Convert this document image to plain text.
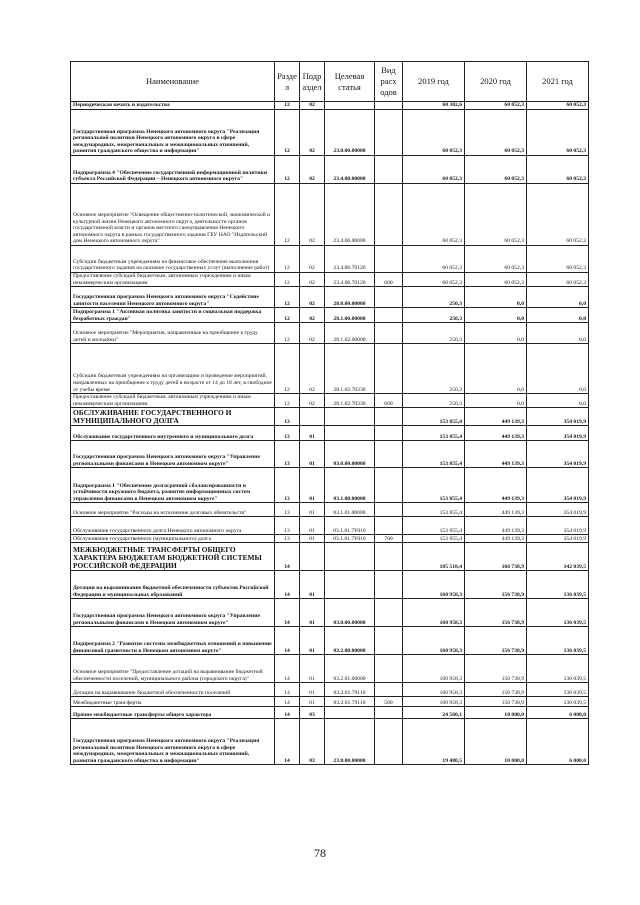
Наименование	Разде л	Подр аздел	Целевая статья	Вид расх одов	2019 год	2020 год	2021 год
Периодическая печать и издательства	12	02			60 302,6	60 052,3	60 052,3
Государственная программа Ненецкого автономного округа "Реализация региональной политики Ненецкого автономного округа в сфере международных, межрегиональных и межнациональных отношений, развития гражданского общества и информации"	12	02	23.0.00.00000		60 052,3	60 052,3	60 052,3
Подпрограмма 4 "Обеспечение государственной информационной политики субъекта Российской Федерации – Ненецкого автономного округа"	12	02	23.4.00.00000		60 052,3	60 052,3	60 052,3
Основное мероприятие "Освещение общественно-политической, экономической и культурной жизни Ненецкого автономного округа, деятельности органов государственной власти и органов местного самоуправления Ненецкого автономного округа в рамках государственного задания ГБУ НАО "Издательский дом Ненецкого автономного округа"	12	02	23.4.06.00000		60 052,3	60 052,3	60 052,3
Субсидии бюджетным учреждениям на финансовое обеспечение выполнения государственного задания на оказание государственных услуг (выполнение работ)	12	02	23.4.06.70120		60 052,3	60 052,3	60 052,3
Предоставление субсидий бюджетным, автономным учреждениям и иным некоммерческим организациям	12	02	23.4.06.70120	600	60 052,3	60 052,3	60 052,3
Государственная программа Ненецкого автономного округа "Содействие занятости населения Ненецкого автономного округа"	12	02	28.0.00.00000		250,3	0,0	0,0
Подпрограмма 1 "Активная политика занятости и социальная поддержка безработных граждан"	12	02	28.1.00.00000		250,3	0,0	0,0
Основное мероприятие "Мероприятия, направленные на приобщение к труду детей и молодёжи"	12	02	28.1.02.00000		250,3	0,0	0,0
Субсидии бюджетным учреждениям на организацию и проведение мероприятий, направленных на приобщение к труду детей в возрасте от 14 до 18 лет, в свободное от учебы время	12	02	28.1.02.70330		250,3	0,0	0,0
Предоставление субсидий бюджетным, автономным учреждениям и иным некоммерческим организациям	12	02	28.1.02.70330	600	250,3	0,0	0,0
ОБСЛУЖИВАНИЕ ГОСУДАРСТВЕННОГО И МУНИЦИПАЛЬНОГО ДОЛГА	13				153 855,4	449 139,3	354 019,9
Обслуживание государственного внутреннего и муниципального долга	13	01			153 855,4	449 139,3	354 019,9
Государственная программа Ненецкого автономного округа "Управление региональными финансами в Ненецком автономном округе"	13	01	03.0.00.00000		153 855,4	449 139,3	354 019,9
Подпрограмма 1 "Обеспечение долгосрочной сбалансированности и устойчивости окружного бюджета, развитие информационных систем управления финансами в Ненецком автономном округе"	13	01	03.1.00.00000		153 855,4	449 139,3	354 019,9
Основное мероприятие "Расходы на исполнение долговых обязательств"	13	01	03.1.01.00000		153 855,4	449 139,3	354 019,9
Обслуживание государственного долга Ненецкого автономного округа	13	01	03.1.01.7F010		153 855,4	449 139,3	354 019,9
Обслуживание государственного (муниципального) долга	13	01	03.1.01.7F010	700	153 855,4	449 139,3	354 019,9
МЕЖБЮДЖЕТНЫЕ ТРАНСФЕРТЫ ОБЩЕГО ХАРАКТЕРА БЮДЖЕТАМ БЮДЖЕТНОЙ СИСТЕМЫ РОССИЙСКОЙ ФЕДЕРАЦИИ	14				185 518,4	166 738,9	142 039,5
Дотации на выравнивание бюджетной обеспеченности субъектов Российской Федерации и муниципальных образований	14	01			160 958,3	156 738,9	136 039,5
Государственная программа Ненецкого автономного округа "Управление региональными финансами в Ненецком автономном округе"	14	01	03.0.00.00000		160 958,3	156 738,9	136 039,5
Подпрограмма 2 "Развитие системы межбюджетных отношений и повышение финансовой грамотности в Ненецком автономном округе"	14	01	03.2.00.00000		160 958,3	156 738,9	136 039,5
Основное мероприятие "Предоставление дотаций на выравнивание бюджетной обеспеченности поселений, муниципального района (городского округа)"	14	01	03.2.01.00000		160 958,3	156 738,9	136 039,5
Дотации на выравнивание бюджетной обеспеченности поселений	14	01	03.2.01.79110		160 958,3	156 738,9	136 039,5
Межбюджетные трансферты	14	01	03.2.01.79110	500	160 958,3	156 738,9	136 039,5
Прочие межбюджетные трансферты общего характера	14	03			24 560,1	10 000,0	6 000,0
Государственная программа Ненецкого автономного округа "Реализация региональной политики Ненецкого автономного округа в сфере международных, межрегиональных и межнациональных отношений, развития гражданского общества и информации"	14	03	23.0.00.00000		19 480,5	10 000,0	6 000,0
78
